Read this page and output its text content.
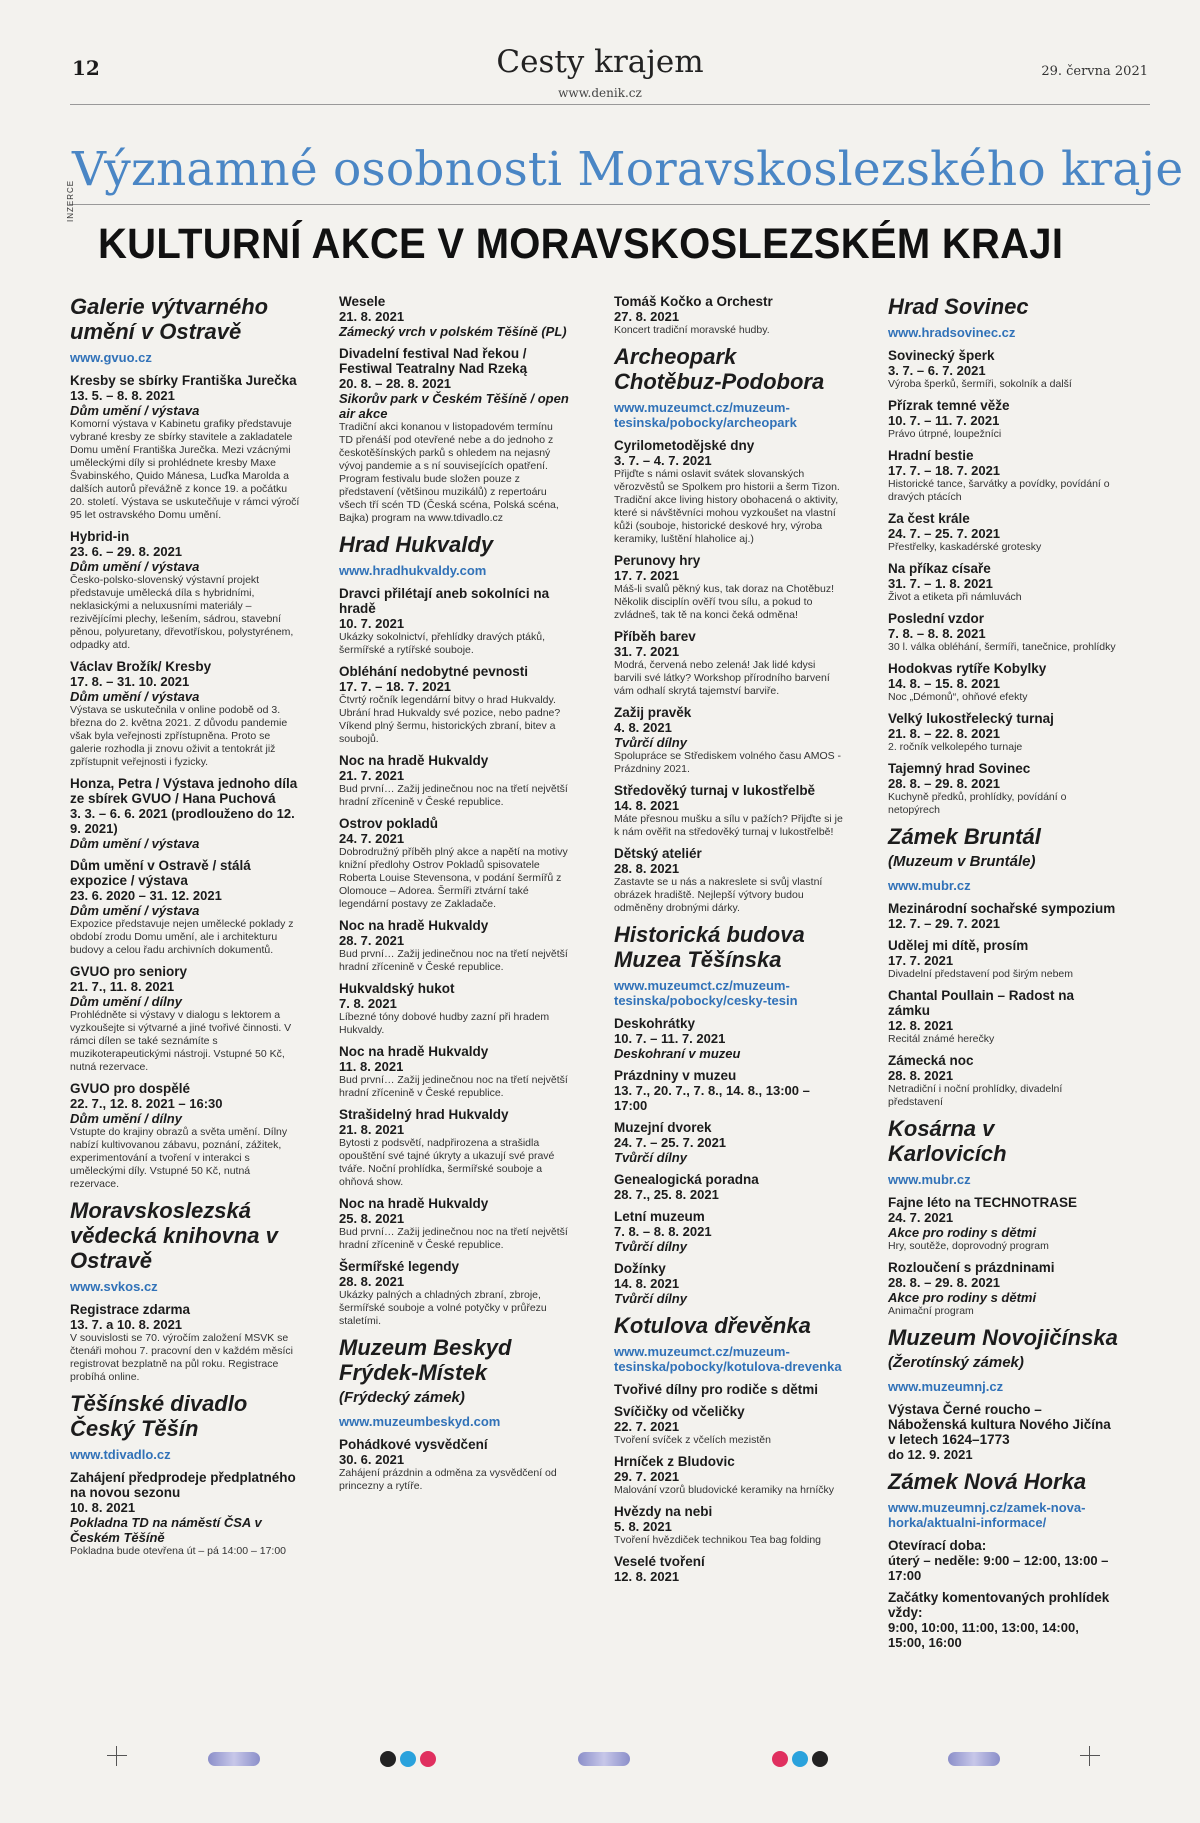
12	Cesty krajem
www.denik.cz
29. června 2021
Významné osobnosti Moravskoslezského kraje
INZERCE
KULTURNÍ AKCE V MORAVSKOSLEZSKÉM KRAJI
Galerie výtvarného umění v Ostravě
www.gvuo.cz
Kresby se sbírky Františka Jurečka
13. 5. – 8. 8. 2021
Dům umění / výstava
Komorní výstava v Kabinetu grafiky představuje vybrané kresby ze sbírky stavitele a zakladatele Domu umění Františka Jurečka. Mezi vzácnými uměleckými díly si prohlédnete kresby Maxe Švabinského, Quido Mánesa, Luďka Marolda a dalších autorů převážně z konce 19. a počátku 20. století. Výstava se uskutečňuje v rámci výročí 95 let ostravského Domu umění.
Hybrid-in
23. 6. – 29. 8. 2021
Dům umění / výstava
Česko-polsko-slovenský výstavní projekt představuje umělecká díla s hybridními, neklasickými a neluxusními materiály – rezivějícími plechy, lešením, sádrou, stavební pěnou, polyuretany, dřevotřískou, polystyrénem, odpadky atd.
Václav Brožík/ Kresby
17. 8. – 31. 10. 2021
Dům umění / výstava
Výstava se uskutečnila v online podobě od 3. března do 2. května 2021. Z důvodu pandemie však byla veřejnosti zpřístupněna. Proto se galerie rozhodla ji znovu oživit a tentokrát již zpřístupnit veřejnosti i fyzicky.
Honza, Petra / Výstava jednoho díla ze sbírek GVUO / Hana Puchová
3. 3. – 6. 6. 2021 (prodlouženo do 12. 9. 2021)
Dům umění / výstava
Dům umění v Ostravě / stálá expozice / výstava
23. 6. 2020 – 31. 12. 2021
Dům umění / výstava
Expozice představuje nejen umělecké poklady z období zrodu Domu umění, ale i architekturu budovy a celou řadu archivních dokumentů.
GVUO pro seniory
21. 7., 11. 8. 2021
Dům umění / dílny
Prohlédněte si výstavy v dialogu s lektorem a vyzkoušejte si výtvarné a jiné tvořivé činnosti. V rámci dílen se také seznámíte s muzikoterapeutickými nástroji. Vstupné 50 Kč, nutná rezervace.
GVUO pro dospělé
22. 7., 12. 8. 2021 – 16:30
Dům umění / dílny
Vstupte do krajiny obrazů a světa umění. Dílny nabízí kultivovanou zábavu, poznání, zážitek, experimentování a tvoření v interakci s uměleckými díly. Vstupné 50 Kč, nutná rezervace.
Moravskoslezská vědecká knihovna v Ostravě
www.svkos.cz
Registrace zdarma
13. 7. a 10. 8. 2021
V souvislosti se 70. výročím založení MSVK se čtenáři mohou 7. pracovní den v každém měsíci registrovat bezplatně na půl roku. Registrace probíhá online.
Těšínské divadlo Český Těšín
www.tdivadlo.cz
Zahájení předprodeje předplatného na novou sezonu
10. 8. 2021
Pokladna TD na náměstí ČSA v Českém Těšíně
Pokladna bude otevřena út – pá 14:00 – 17:00
Wesele
21. 8. 2021
Zámecký vrch v polském Těšíně (PL)
Divadelní festival Nad řekou / Festiwal Teatralny Nad Rzeką
20. 8. – 28. 8. 2021
Sikorův park v Českém Těšíně / open air akce
Tradiční akci konanou v listopadovém termínu TD přenáší pod otevřené nebe a do jednoho z českotěšínských parků s ohledem na nejasný vývoj pandemie a s ní souvisejících opatření. Program festivalu bude složen pouze z představení (většinou muzikálů) z repertoáru všech tří scén TD (Česká scéna, Polská scéna, Bajka) program na www.tdivadlo.cz
Hrad Hukvaldy
www.hradhukvaldy.com
Dravci přilétají aneb sokolníci na hradě
10. 7. 2021
Ukázky sokolnictví, přehlídky dravých ptáků, šermířské a rytířské souboje.
Obléhání nedobytné pevnosti
17. 7. – 18. 7. 2021
Čtvrtý ročník legendární bitvy o hrad Hukvaldy. Ubrání hrad Hukvaldy své pozice, nebo padne? Víkend plný šermu, historických zbraní, bitev a soubojů.
Noc na hradě Hukvaldy
21. 7. 2021
Bud první… Zažij jedinečnou noc na třetí největší hradní zřícenině v České republice.
Ostrov pokladů
24. 7. 2021
Dobrodružný příběh plný akce a napětí na motivy knižní předlohy Ostrov Pokladů spisovatele Roberta Louise Stevensona, v podání šermířů z Olomouce – Adorea. Šermíři ztvární také legendární postavy ze Zakladače.
Noc na hradě Hukvaldy
28. 7. 2021
Bud první… Zažij jedinečnou noc na třetí největší hradní zřícenině v České republice.
Hukvaldský hukot
7. 8. 2021
Líbezné tóny dobové hudby zazní při hradem Hukvaldy.
Noc na hradě Hukvaldy
11. 8. 2021
Bud první… Zažij jedinečnou noc na třetí největší hradní zřícenině v České republice.
Strašidelný hrad Hukvaldy
21. 8. 2021
Bytosti z podsvětí, nadpřirozena a strašidla opouštění své tajné úkryty a ukazují své pravé tváře. Noční prohlídka, šermířské souboje a ohňová show.
Noc na hradě Hukvaldy
25. 8. 2021
Bud první… Zažij jedinečnou noc na třetí největší hradní zřícenině v České republice.
Šermířské legendy
28. 8. 2021
Ukázky palných a chladných zbraní, zbroje, šermířské souboje a volné potyčky v průřezu staletími.
Muzeum Beskyd Frýdek-Místek
(Frýdecký zámek)
www.muzeumbeskyd.com
Pohádkové vysvědčení
30. 6. 2021
Zahájení prázdnin a odměna za vysvědčení od princezny a rytíře.
Tomáš Kočko a Orchestr
27. 8. 2021
Koncert tradiční moravské hudby.
Archeopark Chotěbuz-Podobora
www.muzeumct.cz/muzeum-tesinska/pobocky/archeopark
Cyrilometodějské dny
3. 7. – 4. 7. 2021
Přijďte s námi oslavit svátek slovanských věrozvěstů se Spolkem pro historii a šerm Tizon. Tradiční akce living history obohacená o aktivity, které si návštěvníci mohou vyzkoušet na vlastní kůži (souboje, historické deskové hry, výroba keramiky, luštění hlaholice aj.)
Perunovy hry
17. 7. 2021
Máš-li svalů pěkný kus, tak doraz na Chotěbuz! Několik disciplín ověří tvou sílu, a pokud to zvládneš, tak tě na konci čeká odměna!
Příběh barev
31. 7. 2021
Modrá, červená nebo zelená! Jak lidé kdysi barvili své látky? Workshop přírodního barvení vám odhalí skrytá tajemství barviře.
Zažij pravěk
4. 8. 2021
Tvůrčí dílny
Spolupráce se Střediskem volného času AMOS - Prázdniny 2021.
Středověký turnaj v lukostřelbě
14. 8. 2021
Máte přesnou mušku a sílu v pažích? Přijďte si je k nám ověřit na středověký turnaj v lukostřelbě!
Dětský ateliér
28. 8. 2021
Zastavte se u nás a nakreslete si svůj vlastní obrázek hradiště. Nejlepší výtvory budou odměněny drobnými dárky.
Historická budova Muzea Těšínska
www.muzeumct.cz/muzeum-tesinska/pobocky/cesky-tesin
Deskohrátky
10. 7. – 11. 7. 2021
Deskohraní v muzeu
Prázdniny v muzeu
13. 7., 20. 7., 7. 8., 14. 8., 13:00 – 17:00
Muzejní dvorek
24. 7. – 25. 7. 2021
Tvůrčí dílny
Genealogická poradna
28. 7., 25. 8. 2021
Letní muzeum
7. 8. – 8. 8. 2021
Tvůrčí dílny
Dožínky
14. 8. 2021
Tvůrčí dílny
Kotulova dřevěnka
www.muzeumct.cz/muzeum-tesinska/pobocky/kotulova-drevenka
Tvořivé dílny pro rodiče s dětmi
Svíčičky od včeličky
22. 7. 2021
Tvoření svíček z včelích mezistěn
Hrníček z Bludovic
29. 7. 2021
Malování vzorů bludovické keramiky na hrníčky
Hvězdy na nebi
5. 8. 2021
Tvoření hvězdiček technikou Tea bag folding
Veselé tvoření
12. 8. 2021
Hrad Sovinec
www.hradsovinec.cz
Sovinecký šperk
3. 7. – 6. 7. 2021
Výroba šperků, šermíři, sokolník a další
Přízrak temné věže
10. 7. – 11. 7. 2021
Právo útrpné, loupežníci
Hradní bestie
17. 7. – 18. 7. 2021
Historické tance, šarvátky a povídky, povídání o dravých ptácích
Za čest krále
24. 7. – 25. 7. 2021
Přestřelky, kaskadérské grotesky
Na příkaz císaře
31. 7. – 1. 8. 2021
Život a etiketa při námluvách
Poslední vzdor
7. 8. – 8. 8. 2021
30 l. válka obléhání, šermíři, tanečnice, prohlídky
Hodokvas rytíře Kobylky
14. 8. – 15. 8. 2021
Noc „Démonů“, ohňové efekty
Velký lukostřelecký turnaj
21. 8. – 22. 8. 2021
2. ročník velkolepého turnaje
Tajemný hrad Sovinec
28. 8. – 29. 8. 2021
Kuchyně předků, prohlídky, povídání o netopýrech
Zámek Bruntál
(Muzeum v Bruntále)
www.mubr.cz
Mezinárodní sochařské sympozium
12. 7. – 29. 7. 2021
Udělej mi dítě, prosím
17. 7. 2021
Divadelní představení pod širým nebem
Chantal Poullain – Radost na zámku
12. 8. 2021
Recitál známé herečky
Zámecká noc
28. 8. 2021
Netradiční i noční prohlídky, divadelní představení
Kosárna v Karlovicích
www.mubr.cz
Fajne léto na TECHNOTRASE
24. 7. 2021
Akce pro rodiny s dětmi
Hry, soutěže, doprovodný program
Rozloučení s prázdninami
28. 8. – 29. 8. 2021
Akce pro rodiny s dětmi
Animační program
Muzeum Novojičínska
(Žerotínský zámek)
www.muzeumnj.cz
Výstava Černé roucho – Náboženská kultura Nového Jičína v letech 1624–1773
do 12. 9. 2021
Zámek Nová Horka
www.muzeumnj.cz/zamek-nova-horka/aktualni-informace/
Otevírací doba:
úterý – neděle: 9:00 – 12:00, 13:00 – 17:00
Začátky komentovaných prohlídek vždy:
9:00, 10:00, 11:00, 13:00, 14:00, 15:00, 16:00
